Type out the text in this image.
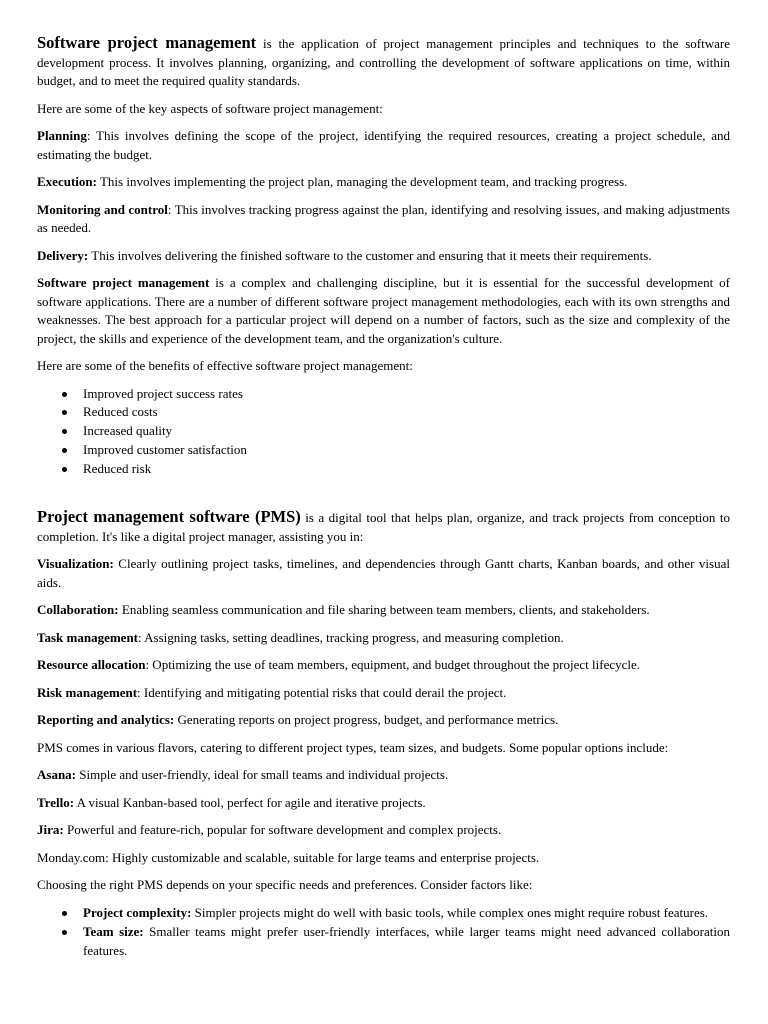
Software project management is the application of project management principles and techniques to the software development process. It involves planning, organizing, and controlling the development of software applications on time, within budget, and to meet the required quality standards.

Here are some of the key aspects of software project management:

Planning: This involves defining the scope of the project, identifying the required resources, creating a project schedule, and estimating the budget.

Execution: This involves implementing the project plan, managing the development team, and tracking progress.

Monitoring and control: This involves tracking progress against the plan, identifying and resolving issues, and making adjustments as needed.

Delivery: This involves delivering the finished software to the customer and ensuring that it meets their requirements.

Software project management is a complex and challenging discipline, but it is essential for the successful development of software applications. There are a number of different software project management methodologies, each with its own strengths and weaknesses. The best approach for a particular project will depend on a number of factors, such as the size and complexity of the project, the skills and experience of the development team, and the organization's culture.

Here are some of the benefits of effective software project management:

Improved project success rates
Reduced costs
Increased quality
Improved customer satisfaction
Reduced risk

Project management software (PMS) is a digital tool that helps plan, organize, and track projects from conception to completion. It's like a digital project manager, assisting you in:

Visualization: Clearly outlining project tasks, timelines, and dependencies through Gantt charts, Kanban boards, and other visual aids.

Collaboration: Enabling seamless communication and file sharing between team members, clients, and stakeholders.

Task management: Assigning tasks, setting deadlines, tracking progress, and measuring completion.

Resource allocation: Optimizing the use of team members, equipment, and budget throughout the project lifecycle.

Risk management: Identifying and mitigating potential risks that could derail the project.

Reporting and analytics: Generating reports on project progress, budget, and performance metrics.

PMS comes in various flavors, catering to different project types, team sizes, and budgets. Some popular options include:

Asana: Simple and user-friendly, ideal for small teams and individual projects.

Trello: A visual Kanban-based tool, perfect for agile and iterative projects.

Jira: Powerful and feature-rich, popular for software development and complex projects.

Monday.com: Highly customizable and scalable, suitable for large teams and enterprise projects.

Choosing the right PMS depends on your specific needs and preferences. Consider factors like:

Project complexity: Simpler projects might do well with basic tools, while complex ones might require robust features.
Team size: Smaller teams might prefer user-friendly interfaces, while larger teams might need advanced collaboration features.
